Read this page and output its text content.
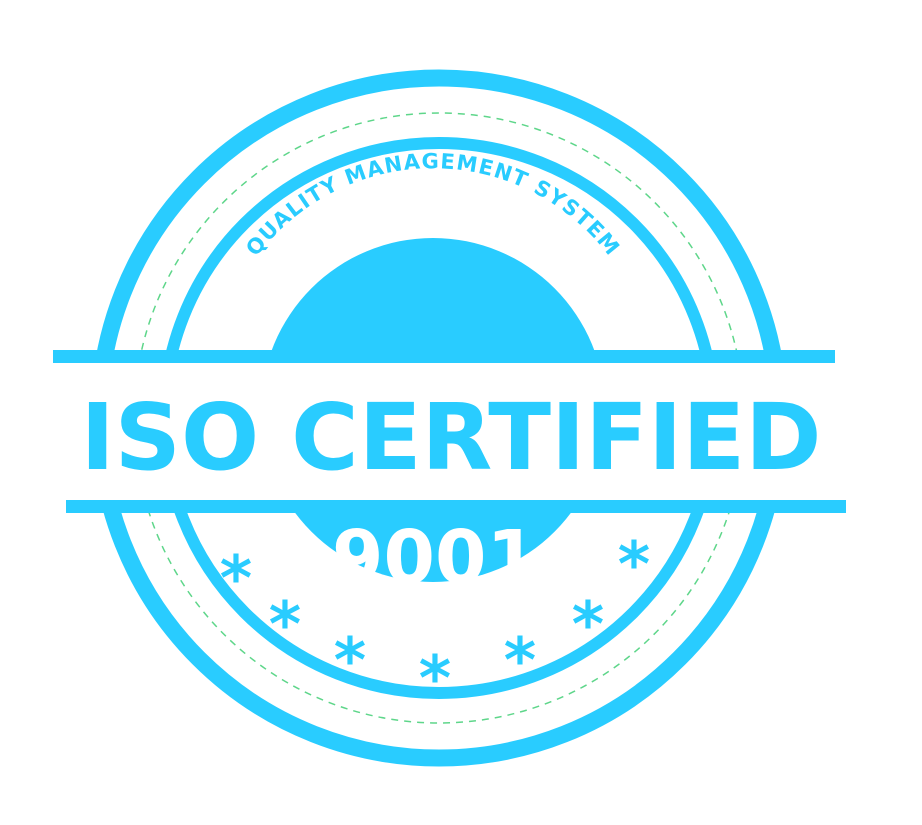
QUALITY MANAGEMENT SYSTEM
ISO CERTIFIED
9001
*
* * * * *
*
